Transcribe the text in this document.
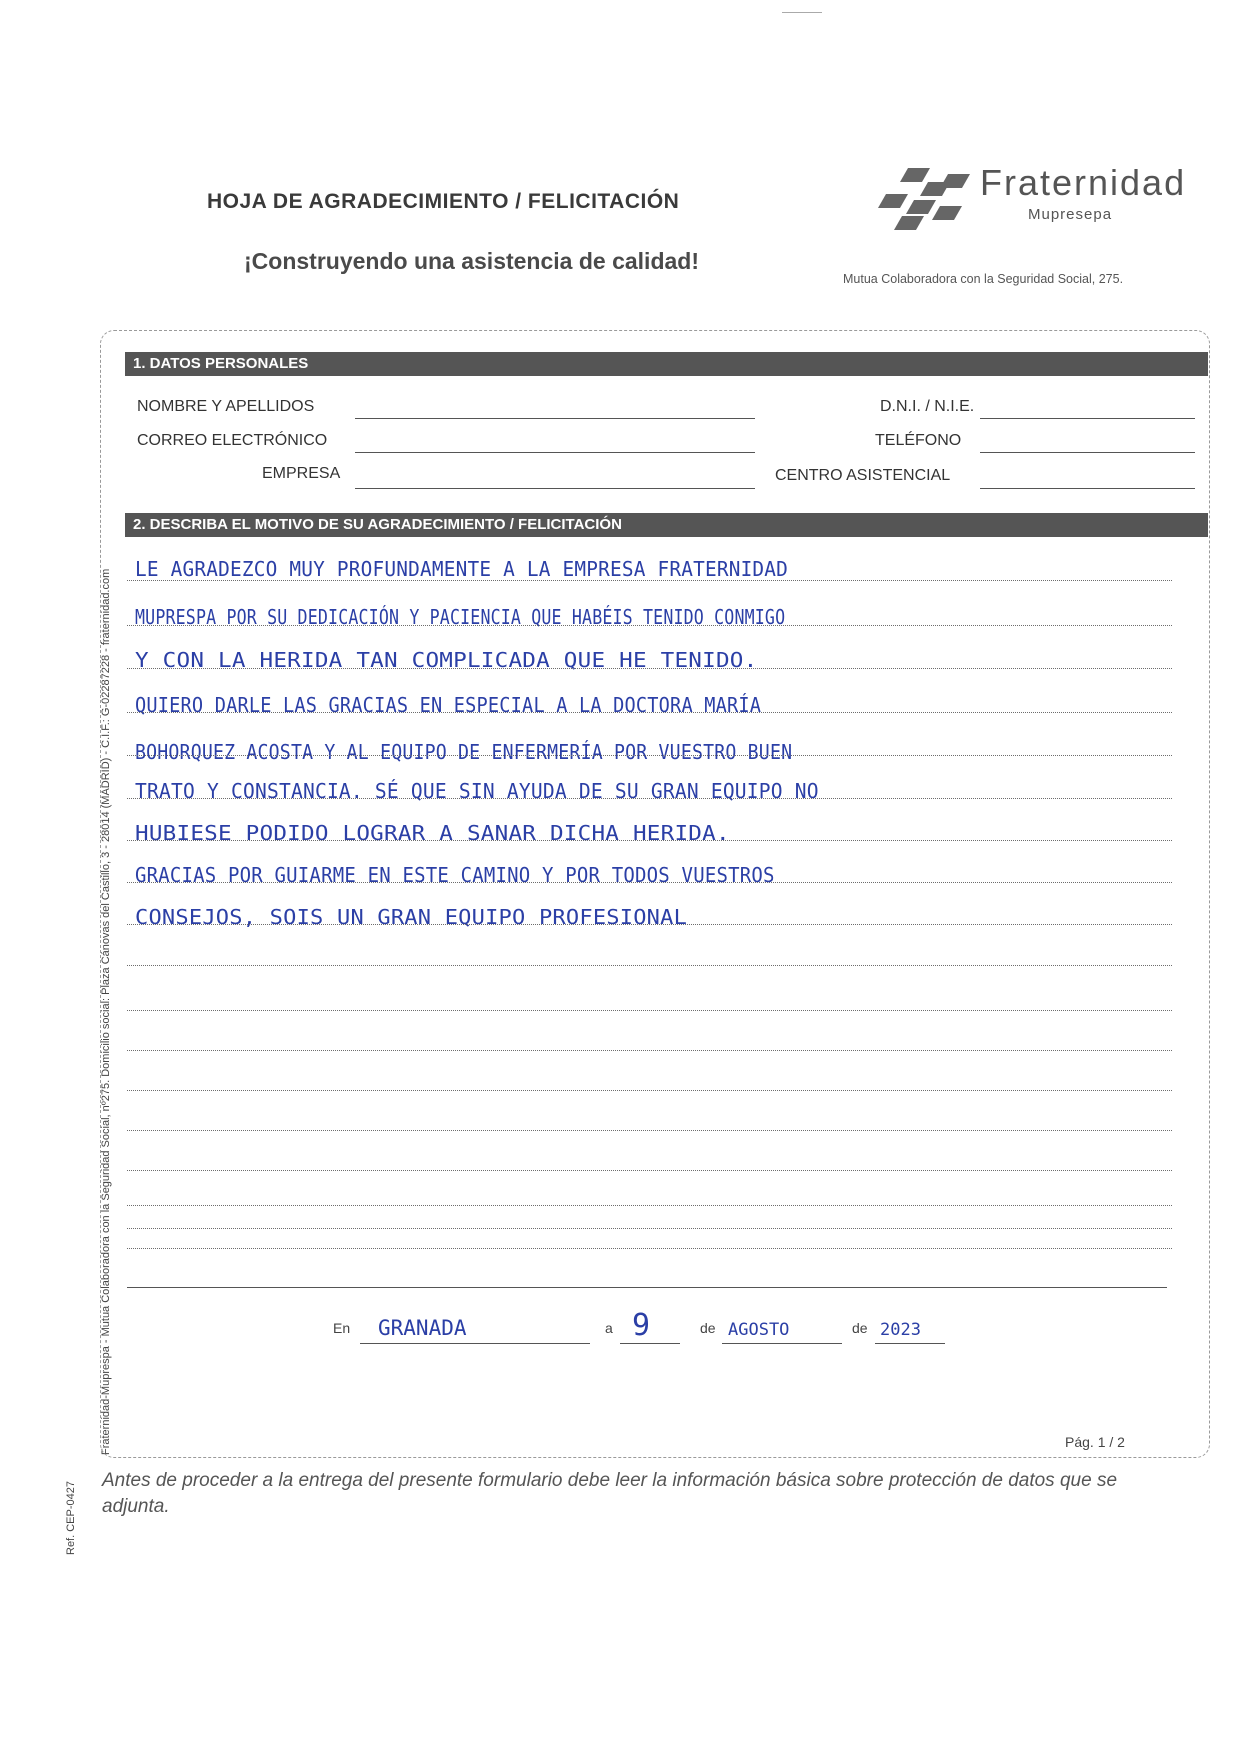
HOJA DE AGRADECIMIENTO / FELICITACIÓN
¡Construyendo una asistencia de calidad!
Fraternidad
Mupresepa
Mutua Colaboradora con la Seguridad Social, 275.
Fraternidad-Muprespa - Mutua Colaboradora con la Seguridad Social, nº275. Domicilio social: Plaza Cánovas del Castillo, 3 - 28014 (MADRID) - C.I.F.: G-02287228 - fraternidad.com
Ref. CEP-0427
1. DATOS PERSONALES
NOMBRE Y APELLIDOS	D.N.I. / N.I.E.
CORREO ELECTRÓNICO	TELÉFONO
EMPRESA	CENTRO ASISTENCIAL
2. DESCRIBA EL MOTIVO DE SU AGRADECIMIENTO / FELICITACIÓN
LE AGRADEZCO MUY PROFUNDAMENTE A LA EMPRESA FRATERNIDAD
MUPRESPA POR SU DEDICACIÓN Y PACIENCIA QUE HABÉIS TENIDO CONMIGO
Y CON LA HERIDA TAN COMPLICADA QUE HE TENIDO.
QUIERO DARLE LAS GRACIAS EN ESPECIAL A LA DOCTORA MARÍA
BOHORQUEZ ACOSTA Y AL EQUIPO DE ENFERMERÍA POR VUESTRO BUEN
TRATO Y CONSTANCIA. SÉ QUE SIN AYUDA DE SU GRAN EQUIPO NO
HUBIESE PODIDO LOGRAR A SANAR DICHA HERIDA.
GRACIAS POR GUIARME EN ESTE CAMINO Y POR TODOS VUESTROS
CONSEJOS, SOIS UN GRAN EQUIPO PROFESIONAL
En GRANADA	a 9	de AGOSTO	de 2023
Pág. 1 / 2
Antes de proceder a la entrega del presente formulario debe leer la información básica sobre protección de datos que se adjunta.
